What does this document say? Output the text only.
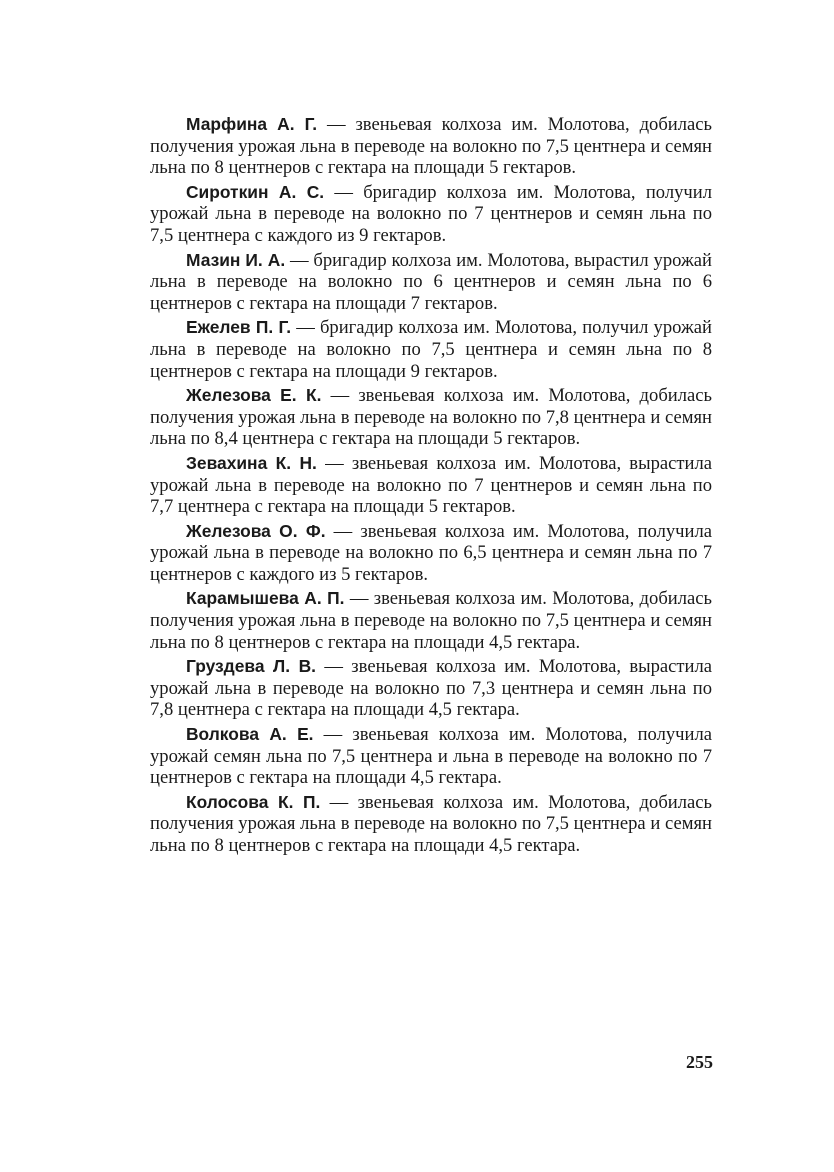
Марфина А. Г. — звеньевая колхоза им. Молотова, добилась получения урожая льна в переводе на волокно по 7,5 центнера и семян льна по 8 центнеров с гектара на площади 5 гектаров.

Сироткин А. С. — бригадир колхоза им. Молотова, получил урожай льна в переводе на волокно по 7 центнеров и семян льна по 7,5 центнера с каждого из 9 гектаров.

Мазин И. А. — бригадир колхоза им. Молотова, вырастил урожай льна в переводе на волокно по 6 центнеров и семян льна по 6 центнеров с гектара на площади 7 гектаров.

Ежелев П. Г. — бригадир колхоза им. Молотова, получил урожай льна в переводе на волокно по 7,5 центнера и семян льна по 8 центнеров с гектара на площади 9 гектаров.

Железова Е. К. — звеньевая колхоза им. Молотова, добилась получения урожая льна в переводе на волокно по 7,8 центнера и семян льна по 8,4 центнера с гектара на площади 5 гектаров.

Зевахина К. Н. — звеньевая колхоза им. Молотова, вырастила урожай льна в переводе на волокно по 7 центнеров и семян льна по 7,7 центнера с гектара на площади 5 гектаров.

Железова О. Ф. — звеньевая колхоза им. Молотова, получила урожай льна в переводе на волокно по 6,5 центнера и семян льна по 7 центнеров с каждого из 5 гектаров.

Карамышева А. П. — звеньевая колхоза им. Молотова, добилась получения урожая льна в переводе на волокно по 7,5 центнера и семян льна по 8 центнеров с гектара на площади 4,5 гектара.

Груздева Л. В. — звеньевая колхоза им. Молотова, вырастила урожай льна в переводе на волокно по 7,3 центнера и семян льна по 7,8 центнера с гектара на площади 4,5 гектара.

Волкова А. Е. — звеньевая колхоза им. Молотова, получила урожай семян льна по 7,5 центнера и льна в переводе на волокно по 7 центнеров с гектара на площади 4,5 гектара.

Колосова К. П. — звеньевая колхоза им. Молотова, добилась получения урожая льна в переводе на волокно по 7,5 центнера и семян льна по 8 центнеров с гектара на площади 4,5 гектара.

255
